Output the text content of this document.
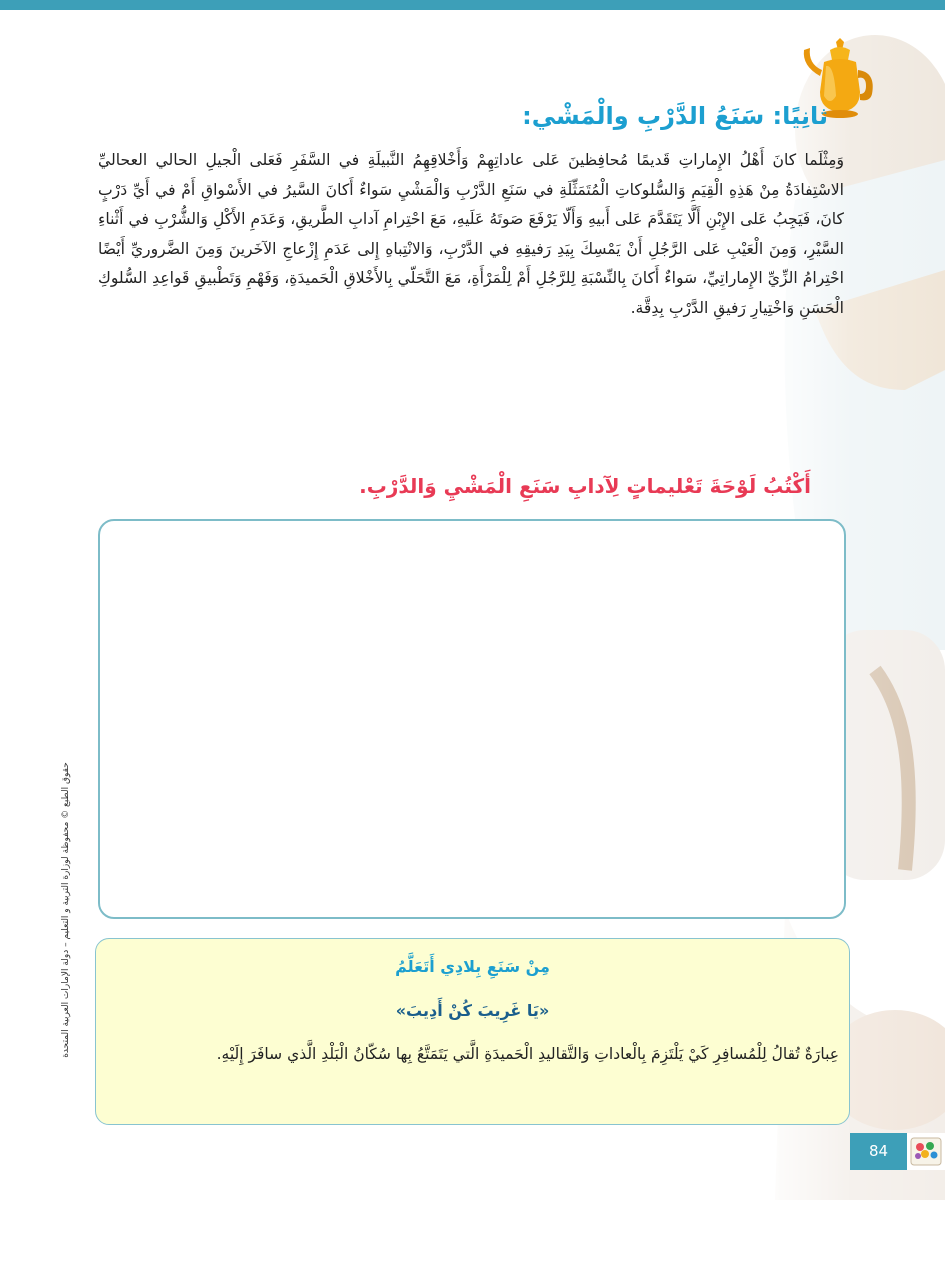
ثانِيًا: سَنَعُ الدَّرْبِ والْمَشْي:

وَمِثْلَما كانَ أَهْلُ الإِماراتِ قَديمًا مُحافِظينَ عَلى عاداتِهِمْ وَأَخْلاقِهِمُ النَّبيلَةِ في السَّفَرِ فَعَلى الْجيلِ الحالي العحاليِّ الاسْتِفادَةُ مِنْ هَذِهِ الْقِيَمِ وَالسُّلوكاتِ الْمُتَمَثِّلَةِ في سَنَعِ الدَّرْبِ وَالْمَشْيِ سَواءٌ أَكانَ السَّيرُ في الأَسْواقِ أَمْ في أَيِّ دَرْبٍ كانَ، فَيَجِبُ عَلى الإِبْنِ أَلَّا يَتَقَدَّمَ عَلى أَبيهِ وَأَلّا يَرْفَعَ صَوتَهُ عَلَيهِ، مَعَ احْتِرامِ آدابِ الطَّريقِ، وَعَدَمِ الأَكْلِ وَالشُّرْبِ في أَثْناءِ السَّيْرِ، وَمِنَ الْعَيْبِ عَلى الرَّجُلِ أَنْ يَمْسِكَ بِيَدِ رَفيقِهِ في الدَّرْبِ، وَالانْتِباهِ إِلى عَدَمِ إِزْعاجِ الآخَرينَ وَمِنَ الضَّروريِّ أَيْضًا احْتِرامُ الزِّيِّ الإِماراتِيِّ، سَواءٌ أَكانَ بِالنِّسْبَةِ لِلرَّجُلِ أَمْ لِلْمَرْأَةِ، مَعَ التَّحَلّي بِالأَخْلاقِ الْحَميدَةِ، وَفَهْمِ وَتَطْبيقِ قَواعِدِ السُّلوكِ الْحَسَنِ وَاخْتِيارِ رَفيقِ الدَّرْبِ بِدِقَّة.

أَكْتُبُ لَوْحَةَ تَعْليماتٍ لِآدابِ سَنَعِ الْمَشْيِ وَالدَّرْبِ.
حقوق الطبع © محفوظة لوزارة التربية و التعليم – دولة الإمارات العربية المتحدة	مِنْ سَنَعِ بِلادِي أَتَعَلَّمُ

«يَا غَرِيبَ كُنْ أَدِيبَ»

عِبارَةٌ تُقالُ لِلْمُسافِرِ كَيْ يَلْتَزِمَ بِالْعاداتِ وَالتَّقاليدِ الْحَميدَةِ الَّتي يَتَمَتَّعُ بِها سُكّانُ الْبَلْدِ الَّذي سافَرَ إِلَيْهِ.

84
